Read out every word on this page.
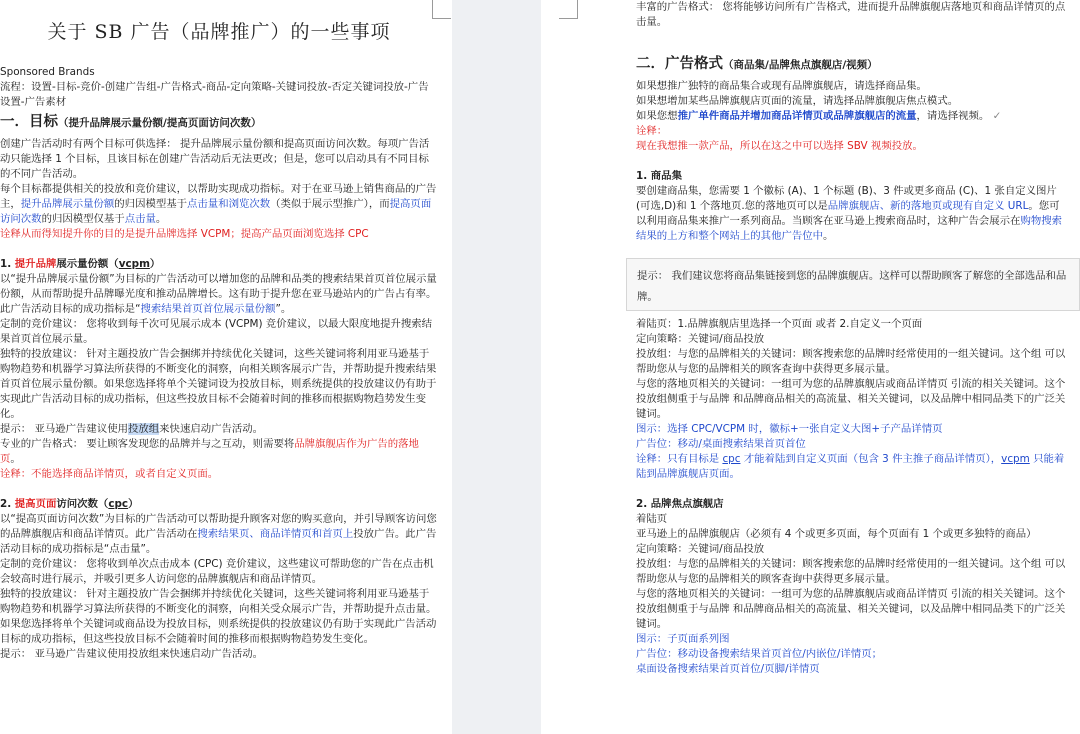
关于 SB 广告（品牌推广）的一些事项

Sponsored Brands

流程：设置-目标-竞价-创建广告组-广告格式-商品-定向策略-关键词投放-否定关键词投放-广告设置-广告素材

一．目标（提升品牌展示量份额/提高页面访问次数）

创建广告活动时有两个目标可供选择： 提升品牌展示量份额和提高页面访问次数。每项广告活动只能选择 1 个目标，且该目标在创建广告活动后无法更改；但是，您可以启动具有不同目标的不同广告活动。

每个目标都提供相关的投放和竞价建议，以帮助实现成功指标。对于在亚马逊上销售商品的广告主，提升品牌展示量份额的归因模型基于点击量和浏览次数（类似于展示型推广），而提高页面访问次数的归因模型仅基于点击量。

诠释从而得知提升你的目的是提升品牌选择 VCPM；提高产品页面浏览选择 CPC

1. 提升品牌展示量份额（vcpm）

以“提升品牌展示量份额”为目标的广告活动可以增加您的品牌和品类的搜索结果首页首位展示量份额，从而帮助提升品牌曝光度和推动品牌增长。这有助于提升您在亚马逊站内的广告占有率。此广告活动目标的成功指标是“搜索结果首页首位展示量份额”。

定制的竞价建议： 您将收到每千次可见展示成本 (VCPM) 竞价建议，以最大限度地提升搜索结果首页首位展示量。

独特的投放建议： 针对主题投放广告会捆绑并持续优化关键词，这些关键词将利用亚马逊基于购物趋势和机器学习算法所获得的不断变化的洞察，向相关顾客展示广告，并帮助提升搜索结果首页首位展示量份额。如果您选择将单个关键词设为投放目标，则系统提供的投放建议仍有助于实现此广告活动目标的成功指标，但这些投放目标不会随着时间的推移而根据购物趋势发生变化。

提示： 亚马逊广告建议使用投放组来快速启动广告活动。

专业的广告格式： 要让顾客发现您的品牌并与之互动，则需要将品牌旗舰店作为广告的落地页。

诠释：不能选择商品详情页，或者自定义页面。

2. 提高页面访问次数（cpc）

以“提高页面访问次数”为目标的广告活动可以帮助提升顾客对您的购买意向，并引导顾客访问您的品牌旗舰店和商品详情页。此广告活动在搜索结果页、商品详情页和首页上投放广告。此广告活动目标的成功指标是“点击量”。

定制的竞价建议： 您将收到单次点击成本 (CPC) 竞价建议，这些建议可帮助您的广告在点击机会较高时进行展示，并吸引更多人访问您的品牌旗舰店和商品详情页。

独特的投放建议： 针对主题投放广告会捆绑并持续优化关键词，这些关键词将利用亚马逊基于购物趋势和机器学习算法所获得的不断变化的洞察，向相关受众展示广告，并帮助提升点击量。如果您选择将单个关键词或商品设为投放目标，则系统提供的投放建议仍有助于实现此广告活动目标的成功指标，但这些投放目标不会随着时间的推移而根据购物趋势发生变化。

提示： 亚马逊广告建议使用投放组来快速启动广告活动。

丰富的广告格式： 您将能够访问所有广告格式，进而提升品牌旗舰店落地页和商品详情页的点击量。

二．广告格式（商品集/品牌焦点旗舰店/视频）

如果想推广独特的商品集合或现有品牌旗舰店，请选择商品集。

如果想增加某些品牌旗舰店页面的流量，请选择品牌旗舰店焦点模式。

如果您想推广单件商品并增加商品详情页或品牌旗舰店的流量，请选择视频。 ✓

诠释：

现在我想推一款产品，所以在这之中可以选择 SBV 视频投放。

1. 商品集

要创建商品集，您需要 1 个徽标 (A)、1 个标题 (B)、3 件或更多商品 (C)、1 张自定义图片(可选,D)和 1 个落地页.您的落地页可以是品牌旗舰店、新的落地页或现有自定义 URL。您可以利用商品集来推广一系列商品。当顾客在亚马逊上搜索商品时，这种广告会展示在购物搜索结果的上方和整个网站上的其他广告位中。

提示： 我们建议您将商品集链接到您的品牌旗舰店。这样可以帮助顾客了解您的全部选品和品牌。

着陆页：1.品牌旗舰店里选择一个页面 或者 2.自定义一个页面

定向策略：关键词/商品投放

投放组：与您的品牌相关的关键词：顾客搜索您的品牌时经常使用的一组关键词。这个组 可以帮助您从与您的品牌相关的顾客查询中获得更多展示量。

与您的落地页相关的关键词：一组可为您的品牌旗舰店或商品详情页 引流的相关关键词。这个投放组侧重于与品牌 和品牌商品相关的高流量、相关关键词，以及品牌中相同品类下的广泛关键词。

图示：选择 CPC/VCPM 时，徽标+一张自定义大图+子产品详情页

广告位：移动/桌面搜索结果首页首位

诠释：只有目标是 cpc 才能着陆到自定义页面（包含 3 件主推子商品详情页），vcpm 只能着陆到品牌旗舰店页面。

2. 品牌焦点旗舰店

着陆页

亚马逊上的品牌旗舰店（必须有 4 个或更多页面，每个页面有 1 个或更多独特的商品）

定向策略：关键词/商品投放

投放组：与您的品牌相关的关键词：顾客搜索您的品牌时经常使用的一组关键词。这个组 可以帮助您从与您的品牌相关的顾客查询中获得更多展示量。

与您的落地页相关的关键词：一组可为您的品牌旗舰店或商品详情页 引流的相关关键词。这个投放组侧重于与品牌 和品牌商品相关的高流量、相关关键词，以及品牌中相同品类下的广泛关键词。

图示：子页面系列图

广告位：移动设备搜索结果首页首位/内嵌位/详情页；

桌面设备搜索结果首页首位/页脚/详情页
